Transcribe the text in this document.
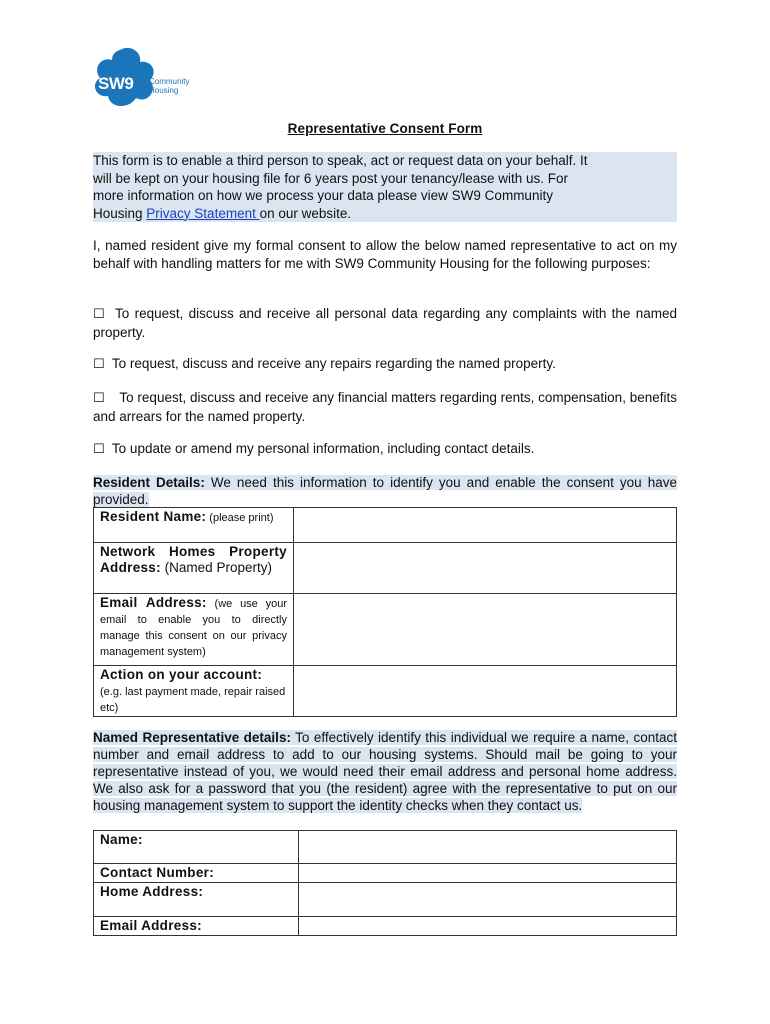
SW9 Community
Housing
Representative Consent Form
This form is to enable a third person to speak, act or request data on your behalf. It
will be kept on your housing file for 6 years post your tenancy/lease with us. For
more information on how we process your data please view SW9 Community
Housing Privacy Statement on our website.
I, named resident give my formal consent to allow the below named representative to act on my behalf with handling matters for me with SW9 Community Housing for the following purposes:
☐ To request, discuss and receive all personal data regarding any complaints with the named property.
☐ To request, discuss and receive any repairs regarding the named property.
☐ To request, discuss and receive any financial matters regarding rents, compensation, benefits and arrears for the named property.
☐ To update or amend my personal information, including contact details.
Resident Details: We need this information to identify you and enable the consent you have provided.
Resident Name: (please print)	
Network Homes Property Address: (Named Property)	
Email Address: (we use your email to enable you to directly manage this consent on our privacy management system)	
Action on your account:
(e.g. last payment made, repair raised etc)	
Named Representative details: To effectively identify this individual we require a name, contact number and email address to add to our housing systems. Should mail be going to your representative instead of you, we would need their email address and personal home address. We also ask for a password that you (the resident) agree with the representative to put on our housing management system to support the identity checks when they contact us.
Name:	
Contact Number:	
Home Address:	
Email Address:	
